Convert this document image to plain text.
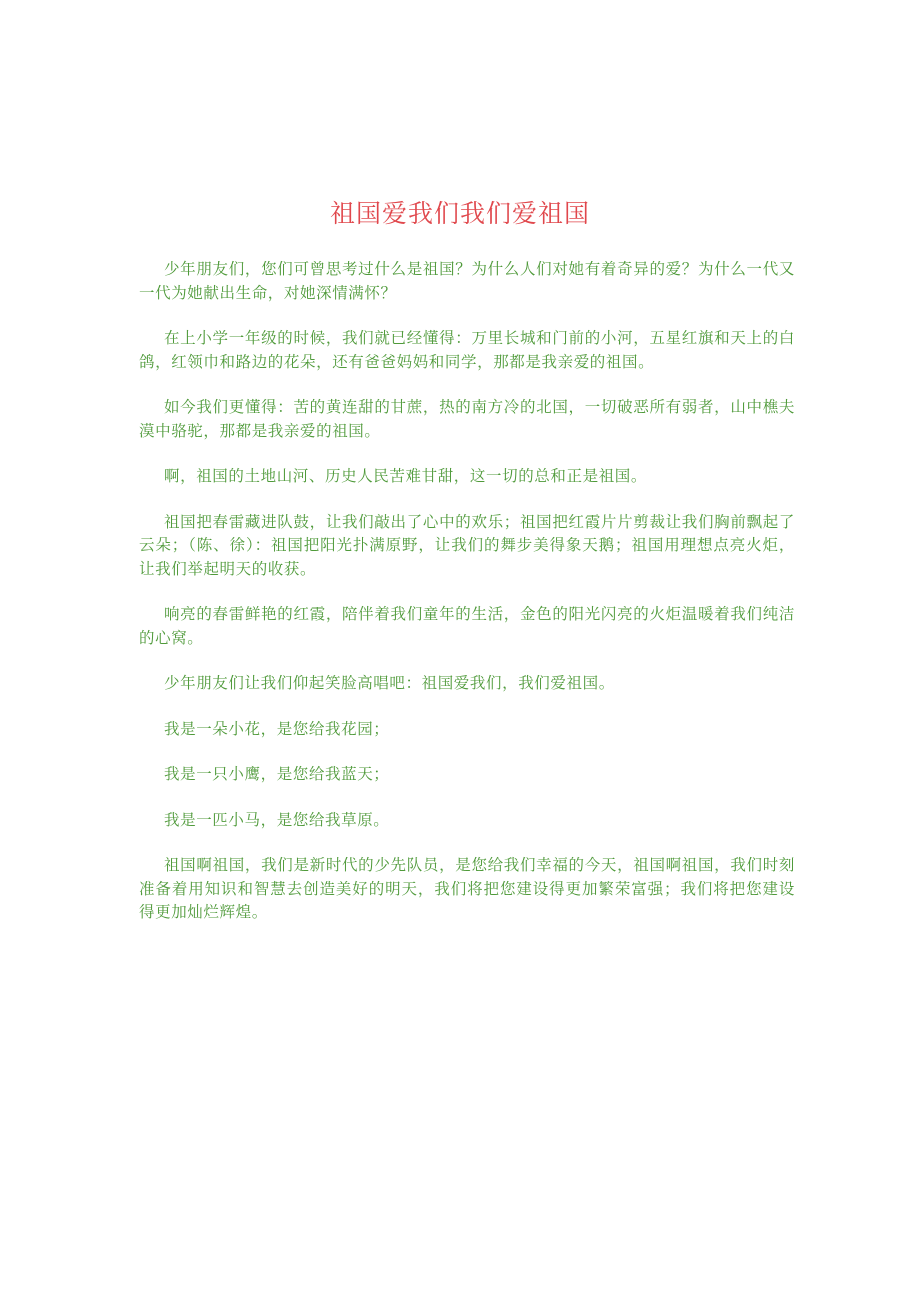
祖国爱我们我们爱祖国

少年朋友们，您们可曾思考过什么是祖国？为什么人们对她有着奇异的爱？为什么一代又一代为她献出生命，对她深情满怀？

在上小学一年级的时候，我们就已经懂得：万里长城和门前的小河，五星红旗和天上的白鸽，红领巾和路边的花朵，还有爸爸妈妈和同学，那都是我亲爱的祖国。

如今我们更懂得：苦的黄连甜的甘蔗，热的南方冷的北国，一切破恶所有弱者，山中樵夫漠中骆驼，那都是我亲爱的祖国。

啊，祖国的土地山河、历史人民苦难甘甜，这一切的总和正是祖国。

祖国把春雷藏进队鼓，让我们敲出了心中的欢乐；祖国把红霞片片剪裁让我们胸前飘起了云朵；（陈、徐）：祖国把阳光扑满原野，让我们的舞步美得象天鹅；祖国用理想点亮火炬，让我们举起明天的收获。

响亮的春雷鲜艳的红霞，陪伴着我们童年的生活，金色的阳光闪亮的火炬温暖着我们纯洁的心窝。

少年朋友们让我们仰起笑脸高唱吧：祖国爱我们，我们爱祖国。

我是一朵小花，是您给我花园；

我是一只小鹰，是您给我蓝天；

我是一匹小马，是您给我草原。

祖国啊祖国，我们是新时代的少先队员，是您给我们幸福的今天，祖国啊祖国，我们时刻准备着用知识和智慧去创造美好的明天，我们将把您建设得更加繁荣富强；我们将把您建设得更加灿烂辉煌。
